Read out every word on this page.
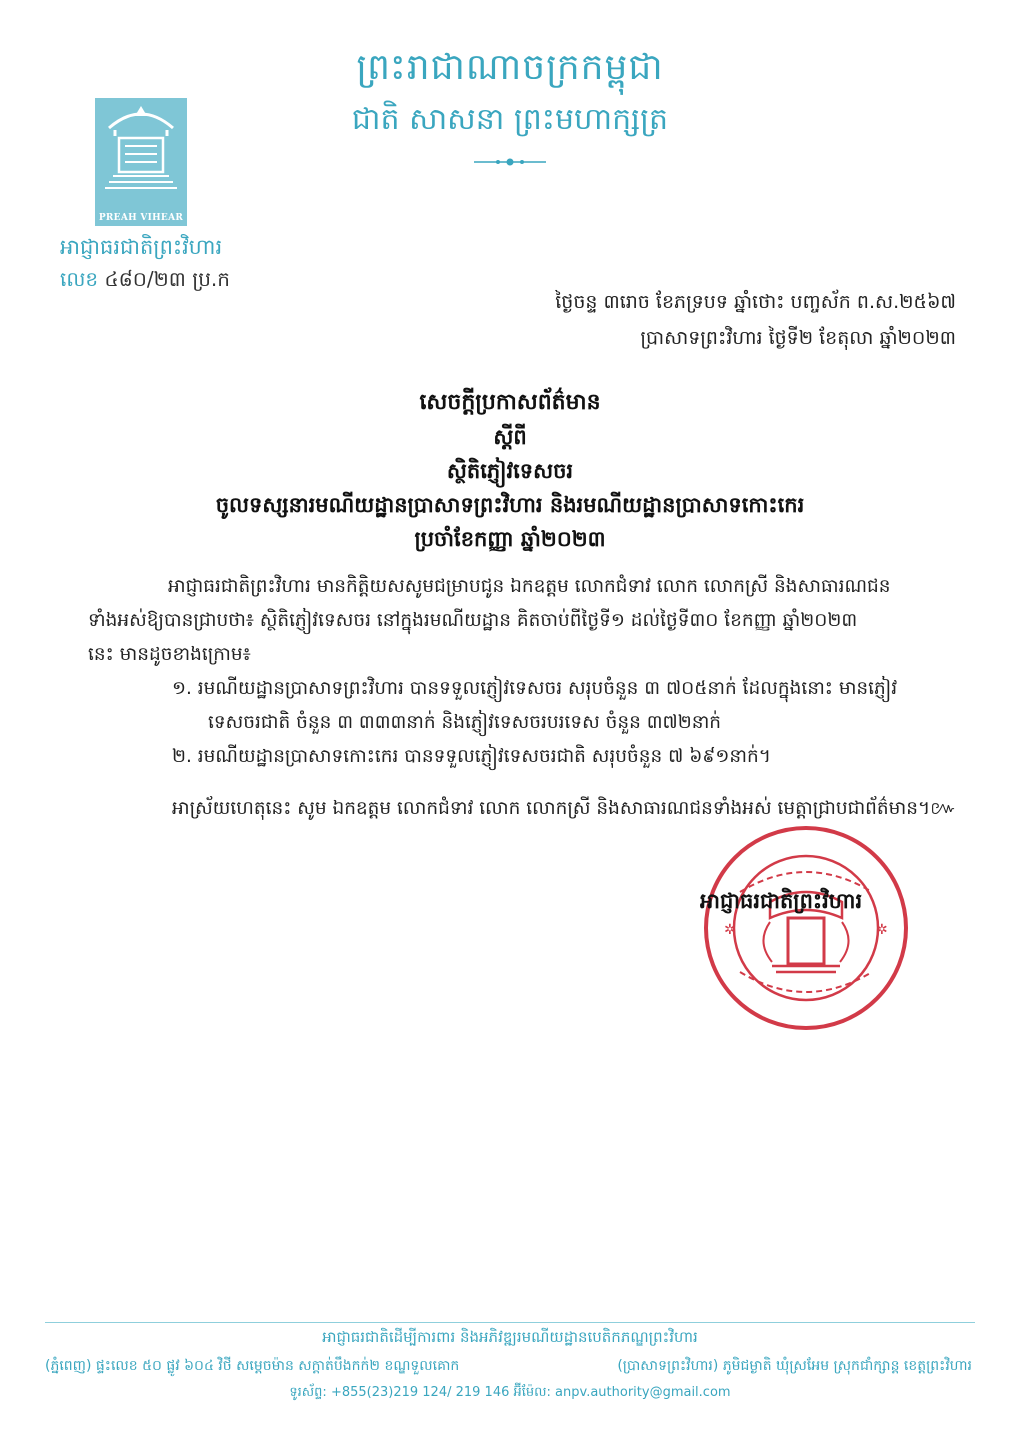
ព្រះរាជាណាចក្រកម្ពុជា
ជាតិ សាសនា ព្រះមហាក្សត្រ
PREAH VIHEAR
អាជ្ញាធរជាតិព្រះវិហារ
លេខ ៤៨០/២៣ ប្រ.ក
ថ្ងៃចន្ទ ៣រោច ខែភទ្របទ ឆ្នាំថោះ បញ្ចស័ក ព.ស.២៥៦៧
ប្រាសាទព្រះវិហារ ថ្ងៃទី២ ខែតុលា ឆ្នាំ២០២៣
សេចក្តីប្រកាសព័ត៌មាន
ស្តីពី
ស្ថិតិភ្ញៀវទេសចរ
ចូលទស្សនារមណីយដ្ឋានប្រាសាទព្រះវិហារ និងរមណីយដ្ឋានប្រាសាទកោះកេរ
ប្រចាំខែកញ្ញា ឆ្នាំ២០២៣
អាជ្ញាធរជាតិព្រះវិហារ មានកិត្តិយសសូមជម្រាបជូន ឯកឧត្តម លោកជំទាវ លោក លោកស្រី និងសាធារណជន
ទាំងអស់ឱ្យបានជ្រាបថា៖ ស្ថិតិភ្ញៀវទេសចរ នៅក្នុងរមណីយដ្ឋាន គិតចាប់ពីថ្ងៃទី១ ដល់ថ្ងៃទី៣០ ខែកញ្ញា ឆ្នាំ២០២៣
នេះ មានដូចខាងក្រោម៖
១. រមណីយដ្ឋានប្រាសាទព្រះវិហារ បានទទួលភ្ញៀវទេសចរ សរុបចំនួន ៣ ៧០៥នាក់ ដែលក្នុងនោះ មានភ្ញៀវ
ទេសចរជាតិ ចំនួន ៣ ៣៣៣នាក់ និងភ្ញៀវទេសចរបរទេស ចំនួន ៣៧២នាក់
២. រមណីយដ្ឋានប្រាសាទកោះកេរ បានទទួលភ្ញៀវទេសចរជាតិ សរុបចំនួន ៧ ៦៩១នាក់។
អាស្រ័យហេតុនេះ សូម ឯកឧត្តម លោកជំទាវ លោក លោកស្រី និងសាធារណជនទាំងអស់ មេត្តាជ្រាបជាព័ត៌មាន។៚
✲	✲
អាជ្ញាធរជាតិព្រះវិហារ
អាជ្ញាធរជាតិដើម្បីការពារ និងអភិវឌ្ឍរមណីយដ្ឋានបេតិកភណ្ឌព្រះវិហារ
(ភ្នំពេញ) ផ្ទះលេខ ៥០ ផ្លូវ ៦០៤ វិថី សម្តេចម៉ាន សក្ដាត់បឹងកក់២ ខណ្ឌទួលគោក	(ប្រាសាទព្រះវិហារ) ភូមិជម្ងាតិ ឃុំស្រអែម ស្រុកជាំក្សាន្ត ខេត្តព្រះវិហារ
ទូរស័ព្ទ: +855(23)219 124/ 219 146 អ៊ីម៉ែល: anpv.authority@gmail.com
